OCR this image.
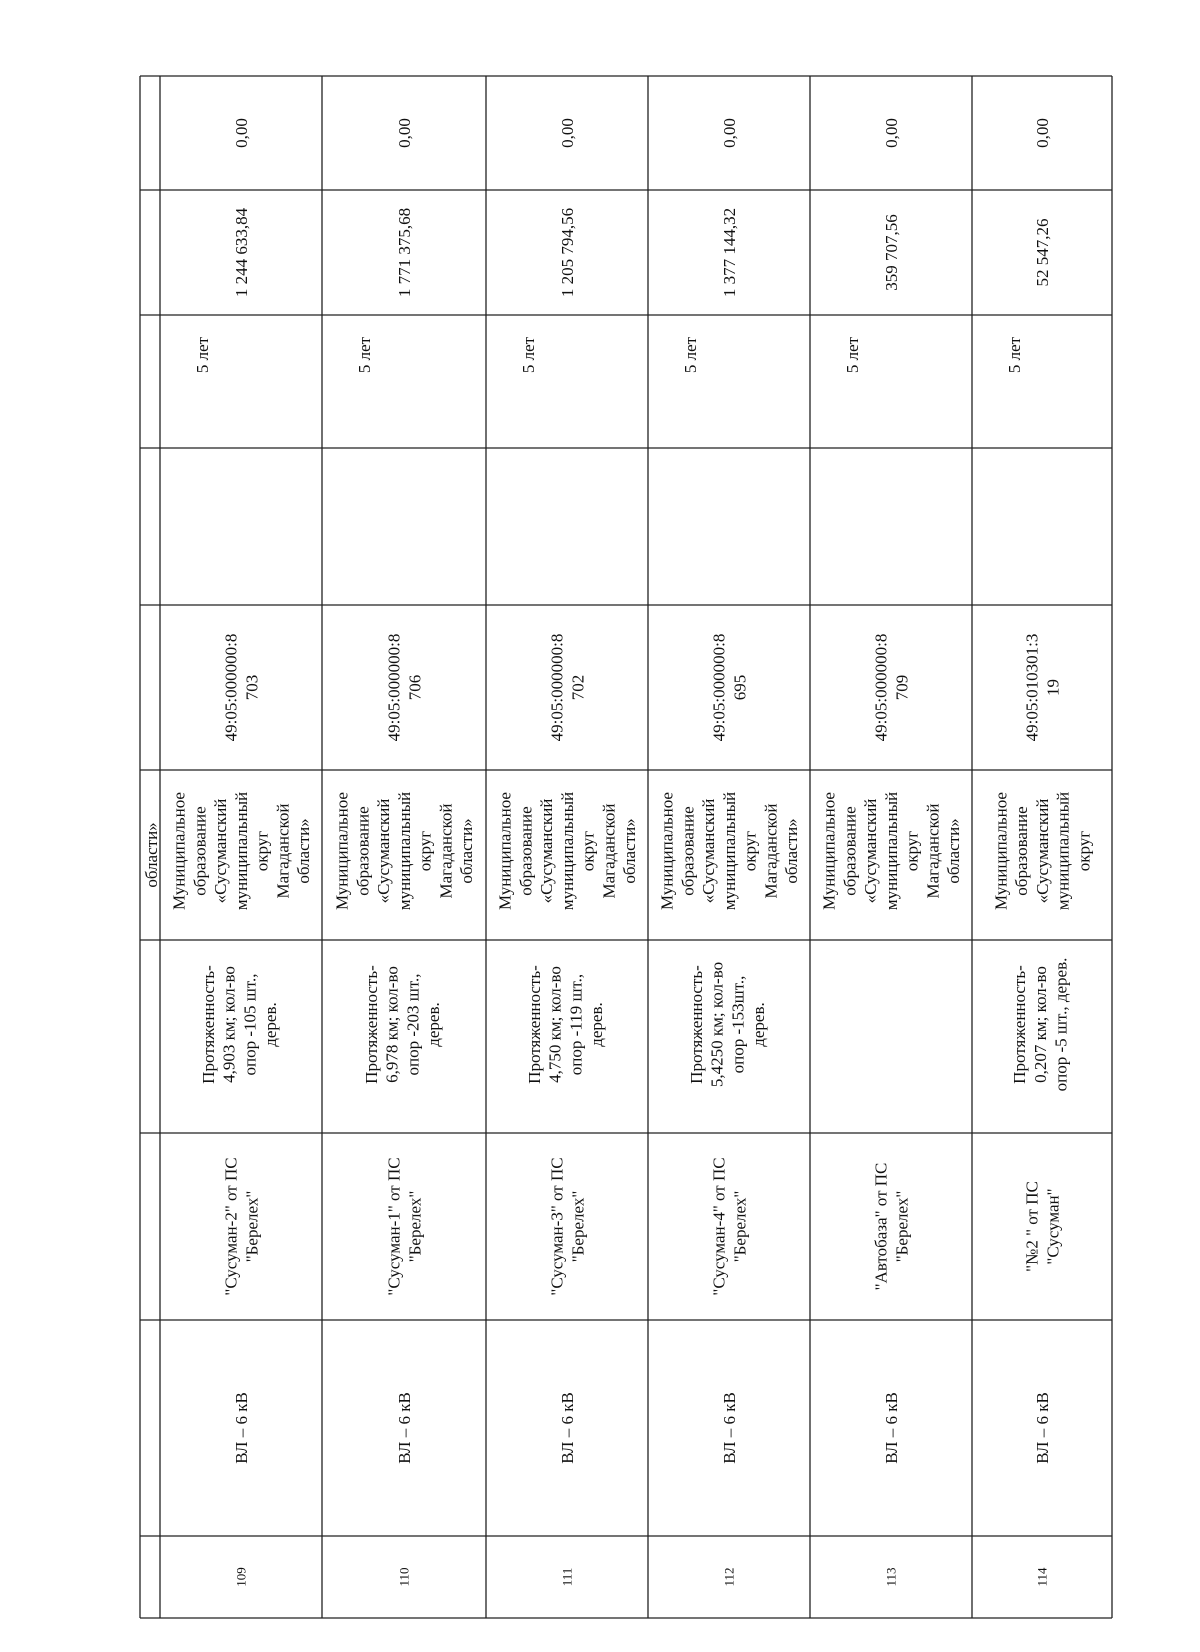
109
ВЛ – 6 кВ
"Сусуман-2" от ПС "Берелех"
Протяженность- 4,903 км; кол-во опор -105 шт., дерев.
Муниципальное образование «Сусуманский муниципальный округ Магаданской области»
49:05:000000:8 703
5 лет
1 244 633,84
0,00
110
ВЛ – 6 кВ
"Сусуман-1" от ПС "Берелех"
Протяженность- 6,978 км; кол-во опор -203 шт., дерев.
Муниципальное образование «Сусуманский муниципальный округ Магаданской области»
49:05:000000:8 706
5 лет
1 771 375,68
0,00
111
ВЛ – 6 кВ
"Сусуман-3" от ПС "Берелех"
Протяженность- 4,750 км; кол-во опор -119 шт., дерев.
Муниципальное образование «Сусуманский муниципальный округ Магаданской области»
49:05:000000:8 702
5 лет
1 205 794,56
0,00
112
ВЛ – 6 кВ
"Сусуман-4" от ПС "Берелех"
Протяженность- 5,4250 км; кол-во опор -153шт., дерев.
Муниципальное образование «Сусуманский муниципальный округ Магаданской области»
49:05:000000:8 695
5 лет
1 377 144,32
0,00
113
ВЛ – 6 кВ
"Автобаза" от ПС "Берелех"
Муниципальное образование «Сусуманский муниципальный округ Магаданской области»
49:05:000000:8 709
5 лет
359 707,56
0,00
114
ВЛ – 6 кВ
"№2 " от ПС "Сусуман"
Протяженность- 0,207 км; кол-во опор -5 шт., дерев.
Муниципальное образование «Сусуманский муниципальный округ
49:05:010301:3 19
5 лет
52 547,26
0,00
области»
